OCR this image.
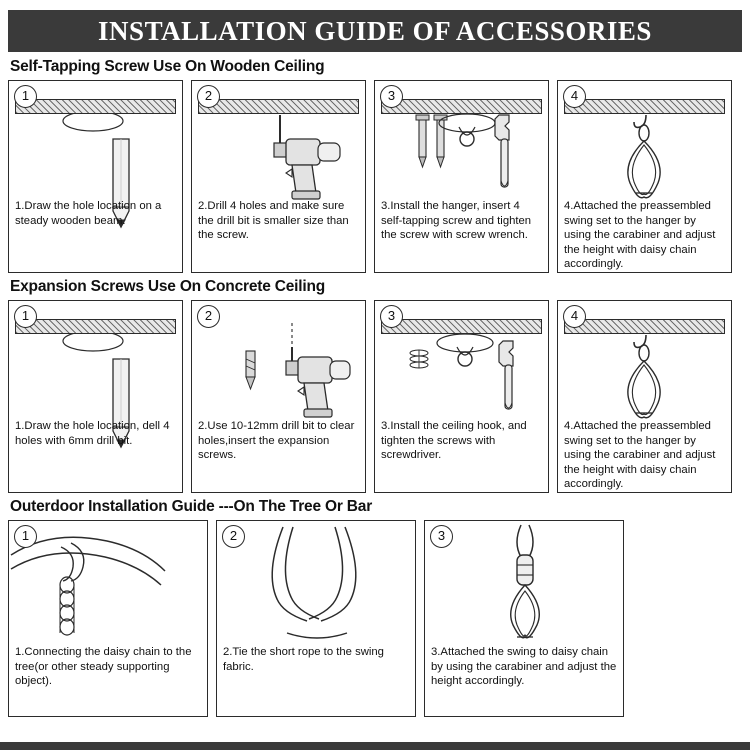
INSTALLATION GUIDE OF ACCESSORIES
Self-Tapping Screw Use On Wooden Ceiling
1
1.Draw the hole location on a steady wooden beam.
2
2.Drill 4 holes and make sure the drill bit is smaller size than the screw.
3
3.Install the hanger, insert 4 self-tapping screw and tighten the screw with screw wrench.
4
4.Attached the preassembled swing set to the hanger by using the carabiner and adjust the height with daisy chain accordingly.
Expansion Screws Use On Concrete Ceiling
1
1.Draw the hole location, dell 4 holes with 6mm drill bit.
2
2.Use 10-12mm drill bit to clear holes,insert the expansion screws.
3
3.Install the ceiling hook, and tighten the screws with screwdriver.
4
4.Attached the preassembled swing set to the hanger by using the carabiner and adjust the height with daisy chain accordingly.
Outerdoor Installation Guide ---On The Tree Or Bar
1
1.Connecting the daisy chain to the tree(or other steady supporting object).
2
2.Tie the short rope to the swing fabric.
3
3.Attached the swing to daisy chain by using the carabiner and adjust the height accordingly.
